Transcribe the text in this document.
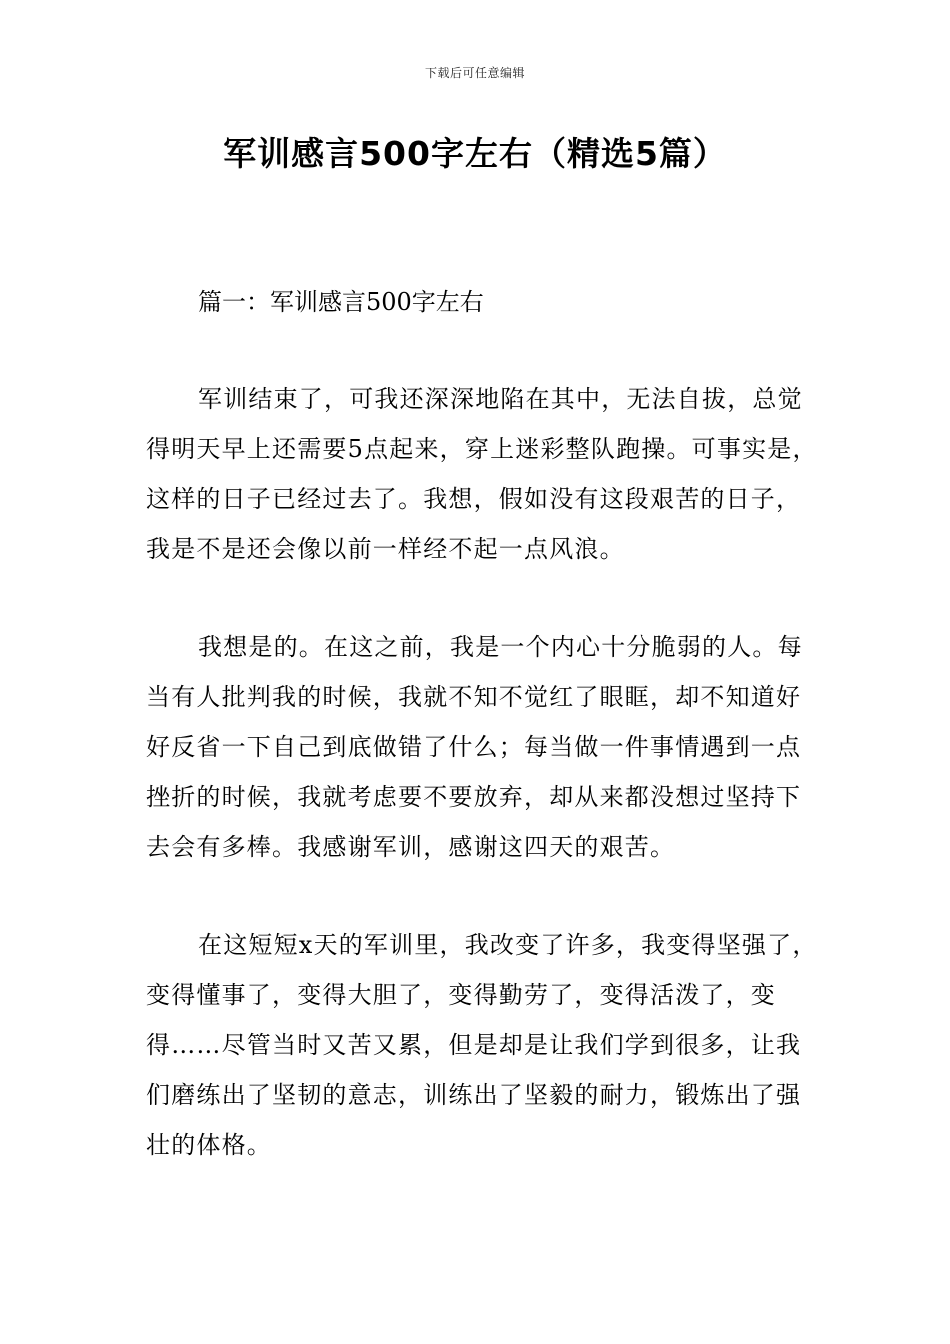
下载后可任意编辑
军训感言500字左右（精选5篇）
篇一：军训感言500字左右

军训结束了，可我还深深地陷在其中，无法自拔，总觉得明天早上还需要5点起来，穿上迷彩整队跑操。可事实是，这样的日子已经过去了。我想，假如没有这段艰苦的日子，我是不是还会像以前一样经不起一点风浪。

我想是的。在这之前，我是一个内心十分脆弱的人。每当有人批判我的时候，我就不知不觉红了眼眶，却不知道好好反省一下自己到底做错了什么；每当做一件事情遇到一点挫折的时候，我就考虑要不要放弃，却从来都没想过坚持下去会有多棒。我感谢军训，感谢这四天的艰苦。

在这短短x天的军训里，我改变了许多，我变得坚强了，变得懂事了，变得大胆了，变得勤劳了，变得活泼了，变得……尽管当时又苦又累，但是却是让我们学到很多，让我们磨练出了坚韧的意志，训练出了坚毅的耐力，锻炼出了强壮的体格。
